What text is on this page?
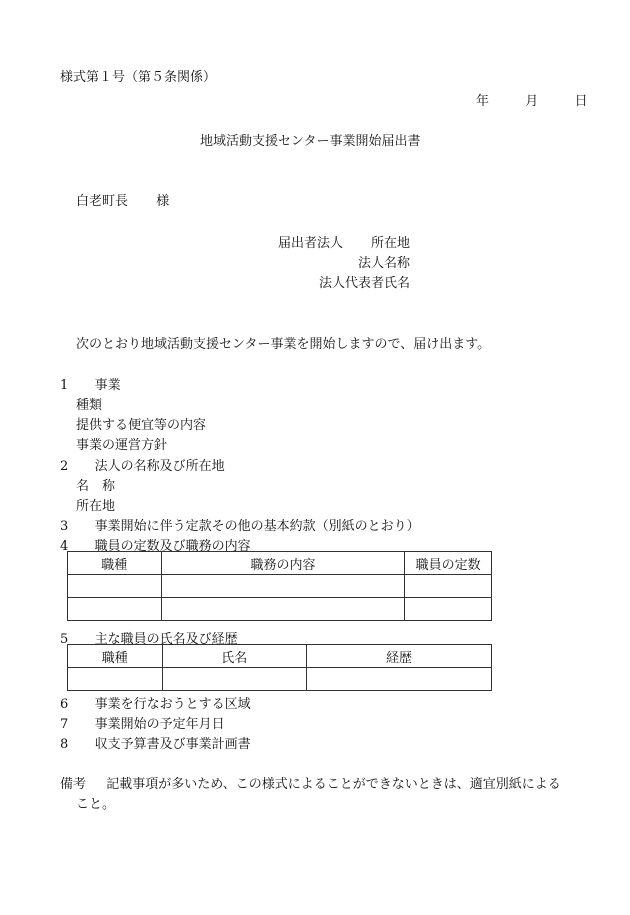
様式第１号（第５条関係）
年	月	日
地域活動支援センター事業開始届出書
白老町長 様
届出者法人 所在地
法人名称
法人代表者氏名
次のとおり地域活動支援センター事業を開始しますので、届け出ます。
1 事業
種類
提供する便宜等の内容
事業の運営方針
2 法人の名称及び所在地
名　称
所在地
3 事業開始に伴う定款その他の基本約款（別紙のとおり）
4 職員の定数及び職務の内容
職種	職務の内容	職員の定数

5 主な職員の氏名及び経歴
職種	氏名	経歴

6 事業を行なおうとする区域
7 事業開始の予定年月日
8 収支予算書及び事業計画書
備考 記載事項が多いため、この様式によることができないときは、適宜別紙による
こと。
